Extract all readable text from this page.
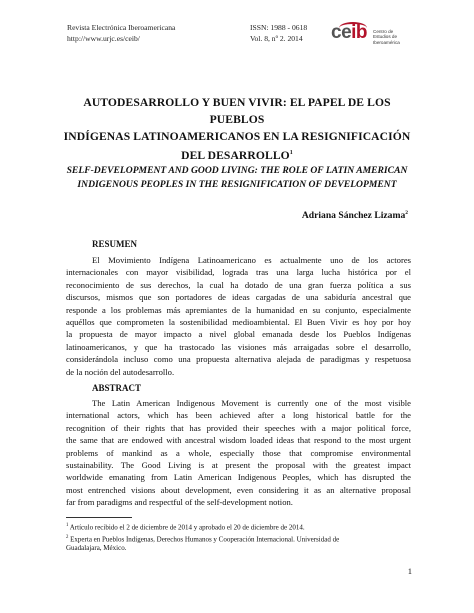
Revista Electrónica Iberoamericana
http://www.urjc.es/ceib/
ISSN: 1988 - 0618
Vol. 8, nº 2. 2014 ceib Centro de
Estudios de
Iberoamérica
AUTODESARROLLO Y BUEN VIVIR: EL PAPEL DE LOS PUEBLOS
INDÍGENAS LATINOAMERICANOS EN LA RESIGNIFICACIÓN
DEL DESARROLLO$^1$
SELF-DEVELOPMENT AND GOOD LIVING: THE ROLE OF LATIN AMERICAN
INDIGENOUS PEOPLES IN THE RESIGNIFICATION OF DEVELOPMENT
Adriana Sánchez Lizama$^2$
RESUMEN
El Movimiento Indígena Latinoamericano es actualmente uno de los actores
internacionales con mayor visibilidad, lograda tras una larga lucha histórica por el
reconocimiento de sus derechos, la cual ha dotado de una gran fuerza política a sus
discursos, mismos que son portadores de ideas cargadas de una sabiduría ancestral que
responde a los problemas más apremiantes de la humanidad en su conjunto, especialmente
aquéllos que comprometen la sostenibilidad medioambiental. El Buen Vivir es hoy por hoy
la propuesta de mayor impacto a nivel global emanada desde los Pueblos Indígenas
latinoamericanos, y que ha trastocado las visiones más arraigadas sobre el desarrollo,
considerándola incluso como una propuesta alternativa alejada de paradigmas y respetuosa
de la noción del autodesarrollo.
ABSTRACT
The Latin American Indigenous Movement is currently one of the most visible
international actors, which has been achieved after a long historical battle for the
recognition of their rights that has provided their speeches with a major political force,
the same that are endowed with ancestral wisdom loaded ideas that respond to the most urgent
problems of mankind as a whole, especially those that compromise environmental
sustainability. The Good Living is at present the proposal with the greatest impact
worldwide emanating from Latin American Indigenous Peoples, which has disrupted the
most entrenched visions about development, even considering it as an alternative proposal
far from paradigms and respectful of the self-development notion.
$^1$ Artículo recibido el 2 de diciembre de 2014 y aprobado el 20 de diciembre de 2014.
$^2$ Experta en Pueblos Indígenas, Derechos Humanos y Cooperación Internacional. Universidad de
Guadalajara, México.
1
